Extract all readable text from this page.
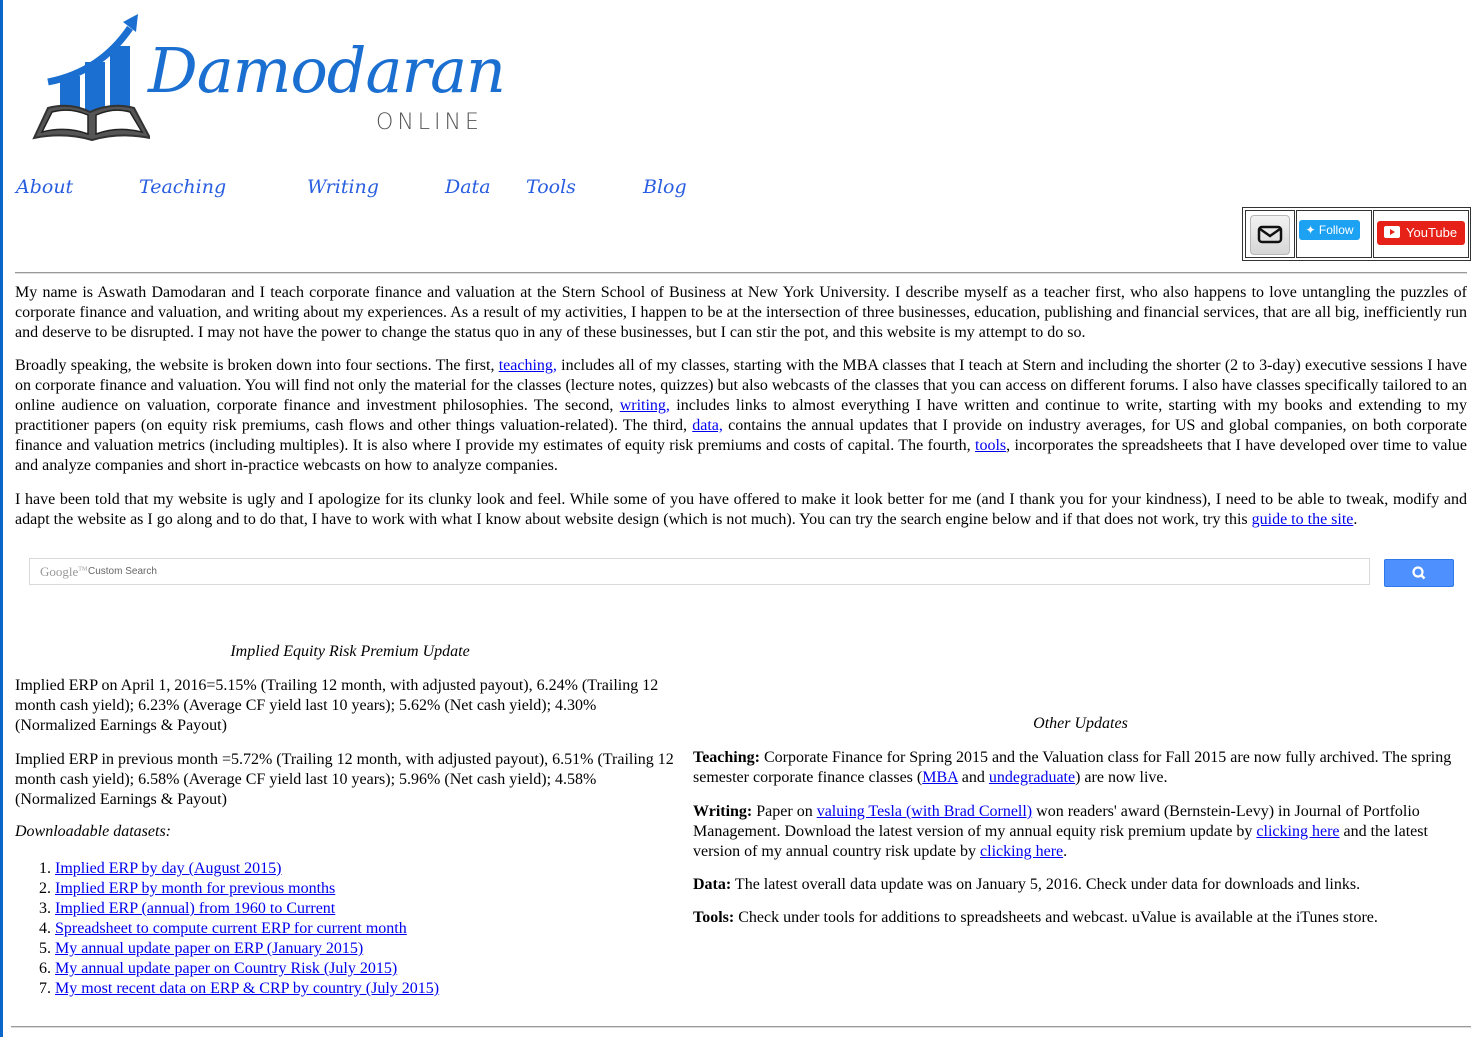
Damodaran
ONLINE
About	Teaching	Writing	Data Tools	Blog
✦ Follow	YouTube

My name is Aswath Damodaran and I teach corporate finance and valuation at the Stern School of Business at New York University. I describe myself as a teacher first, who also happens to love untangling the puzzles of corporate finance and valuation, and writing about my experiences. As a result of my activities, I happen to be at the intersection of three businesses, education, publishing and financial services, that are all big, inefficiently run and deserve to be disrupted. I may not have the power to change the status quo in any of these businesses, but I can stir the pot, and this website is my attempt to do so.

Broadly speaking, the website is broken down into four sections. The first, teaching, includes all of my classes, starting with the MBA classes that I teach at Stern and including the shorter (2 to 3-day) executive sessions I have on corporate finance and valuation. You will find not only the material for the classes (lecture notes, quizzes) but also webcasts of the classes that you can access on different forums. I also have classes specifically tailored to an online audience on valuation, corporate finance and investment philosophies. The second, writing, includes links to almost everything I have written and continue to write, starting with my books and extending to my practitioner papers (on equity risk premiums, cash flows and other things valuation-related). The third, data, contains the annual updates that I provide on industry averages, for US and global companies, on both corporate finance and valuation metrics (including multiples). It is also where I provide my estimates of equity risk premiums and costs of capital. The fourth, tools, incorporates the spreadsheets that I have developed over time to value and analyze companies and short in-practice webcasts on how to analyze companies.

I have been told that my website is ugly and I apologize for its clunky look and feel. While some of you have offered to make it look better for me (and I thank you for your kindness), I need to be able to tweak, modify and adapt the website as I go along and to do that, I have to work with what I know about website design (which is not much). You can try the search engine below and if that does not work, try this guide to the site.

Google™ Custom Search
Implied Equity Risk Premium Update

Implied ERP on April 1, 2016=5.15% (Trailing 12 month, with adjusted payout), 6.24% (Trailing 12 month cash yield); 6.23% (Average CF yield last 10 years); 5.62% (Net cash yield); 4.30% (Normalized Earnings & Payout)

Implied ERP in previous month =5.72% (Trailing 12 month, with adjusted payout), 6.51% (Trailing 12 month cash yield); 6.58% (Average CF yield last 10 years); 5.96% (Net cash yield); 4.58% (Normalized Earnings & Payout)

Downloadable datasets:
1. Implied ERP by day (August 2015)
2. Implied ERP by month for previous months
3. Implied ERP (annual) from 1960 to Current
4. Spreadsheet to compute current ERP for current month
5. My annual update paper on ERP (January 2015)
6. My annual update paper on Country Risk (July 2015)
7. My most recent data on ERP & CRP by country (July 2015)
Other Updates

Teaching: Corporate Finance for Spring 2015 and the Valuation class for Fall 2015 are now fully archived. The spring semester corporate finance classes (MBA and undegraduate) are now live.

Writing: Paper on valuing Tesla (with Brad Cornell) won readers' award (Bernstein-Levy) in Journal of Portfolio Management. Download the latest version of my annual equity risk premium update by clicking here and the latest version of my annual country risk update by clicking here.

Data: The latest overall data update was on January 5, 2016. Check under data for downloads and links.

Tools: Check under tools for additions to spreadsheets and webcast. uValue is available at the iTunes store.
